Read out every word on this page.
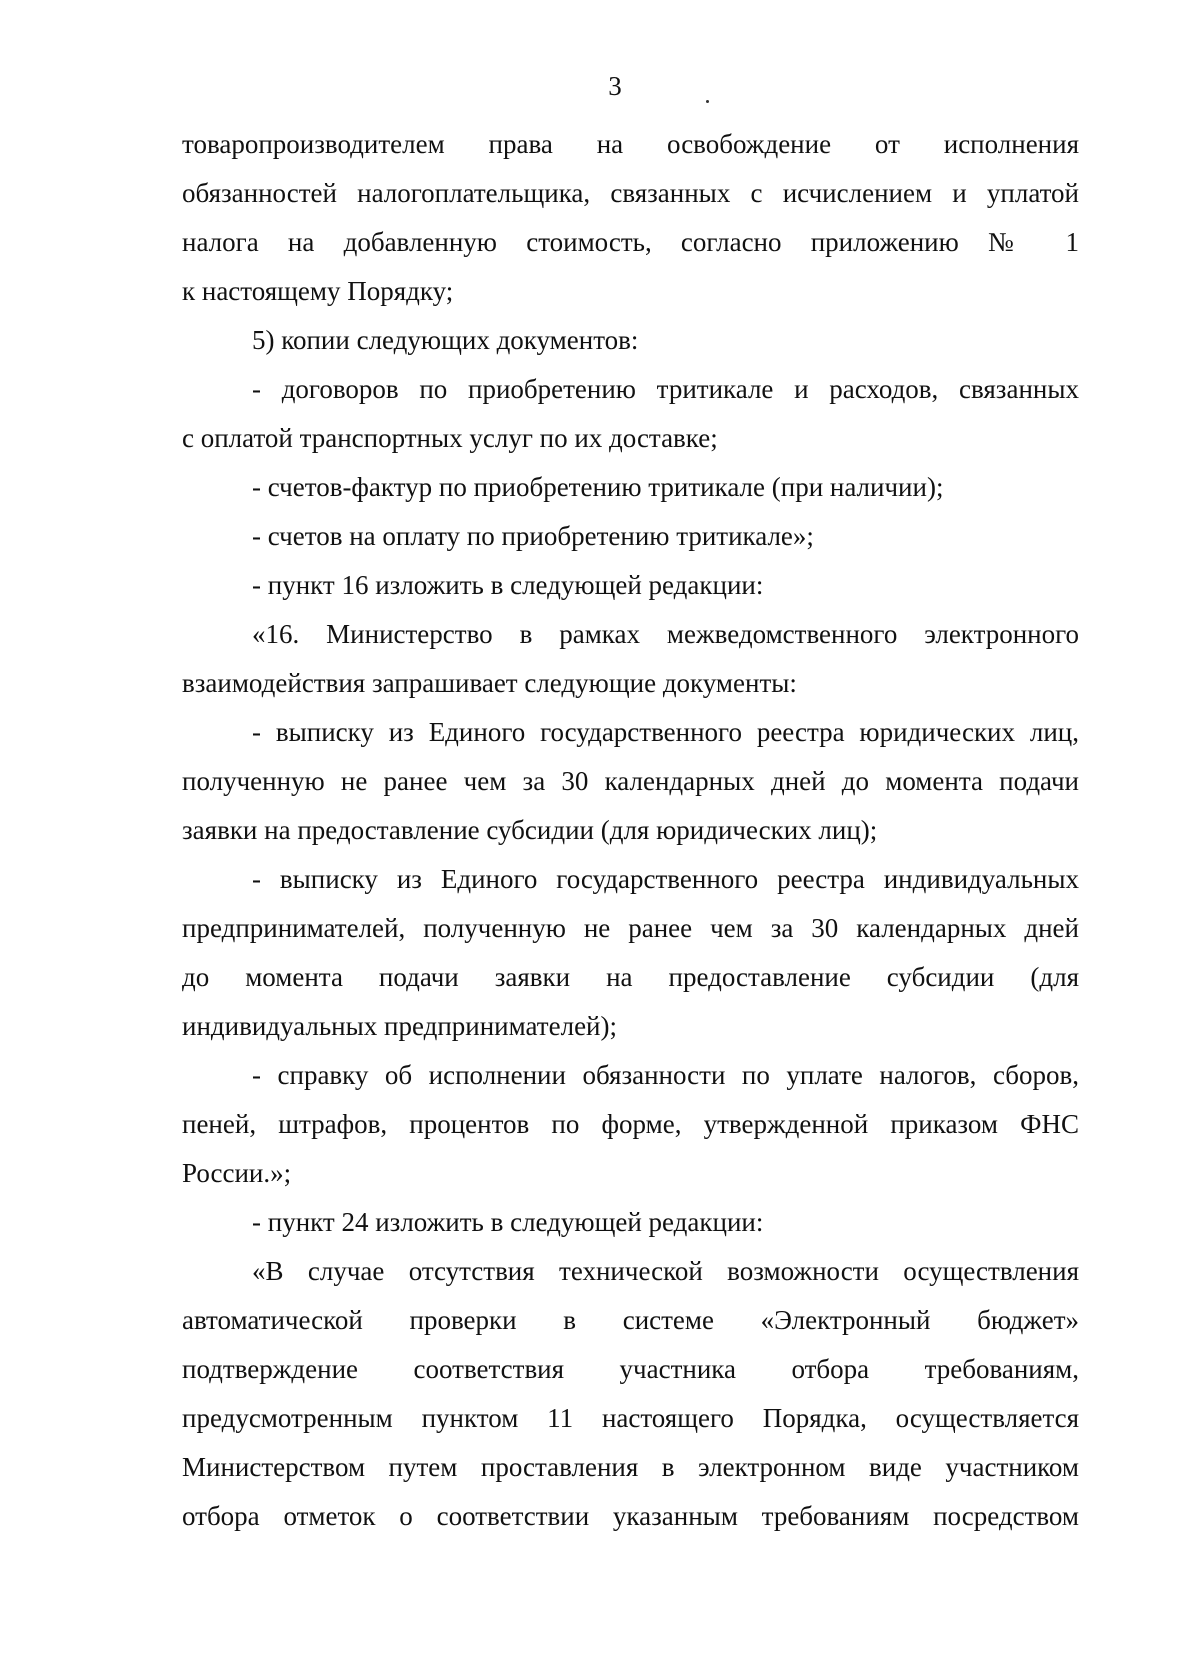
3
товаропроизводителем права на освобождение от исполнения
обязанностей налогоплательщика, связанных с исчислением и уплатой
налога на добавленную стоимость, согласно приложению № 1
к настоящему Порядку;
5) копии следующих документов:
- договоров по приобретению тритикале и расходов, связанных
с оплатой транспортных услуг по их доставке;
- счетов-фактур по приобретению тритикале (при наличии);
- счетов на оплату по приобретению тритикале»;
- пункт 16 изложить в следующей редакции:
«16. Министерство в рамках межведомственного электронного
взаимодействия запрашивает следующие документы:
- выписку из Единого государственного реестра юридических лиц,
полученную не ранее чем за 30 календарных дней до момента подачи
заявки на предоставление субсидии (для юридических лиц);
- выписку из Единого государственного реестра индивидуальных
предпринимателей, полученную не ранее чем за 30 календарных дней
до момента подачи заявки на предоставление субсидии (для
индивидуальных предпринимателей);
- справку об исполнении обязанности по уплате налогов, сборов,
пеней, штрафов, процентов по форме, утвержденной приказом ФНС
России.»;
- пункт 24 изложить в следующей редакции:
«В случае отсутствия технической возможности осуществления
автоматической проверки в системе «Электронный бюджет»
подтверждение соответствия участника отбора требованиям,
предусмотренным пунктом 11 настоящего Порядка, осуществляется
Министерством путем проставления в электронном виде участником
отбора отметок о соответствии указанным требованиям посредством
